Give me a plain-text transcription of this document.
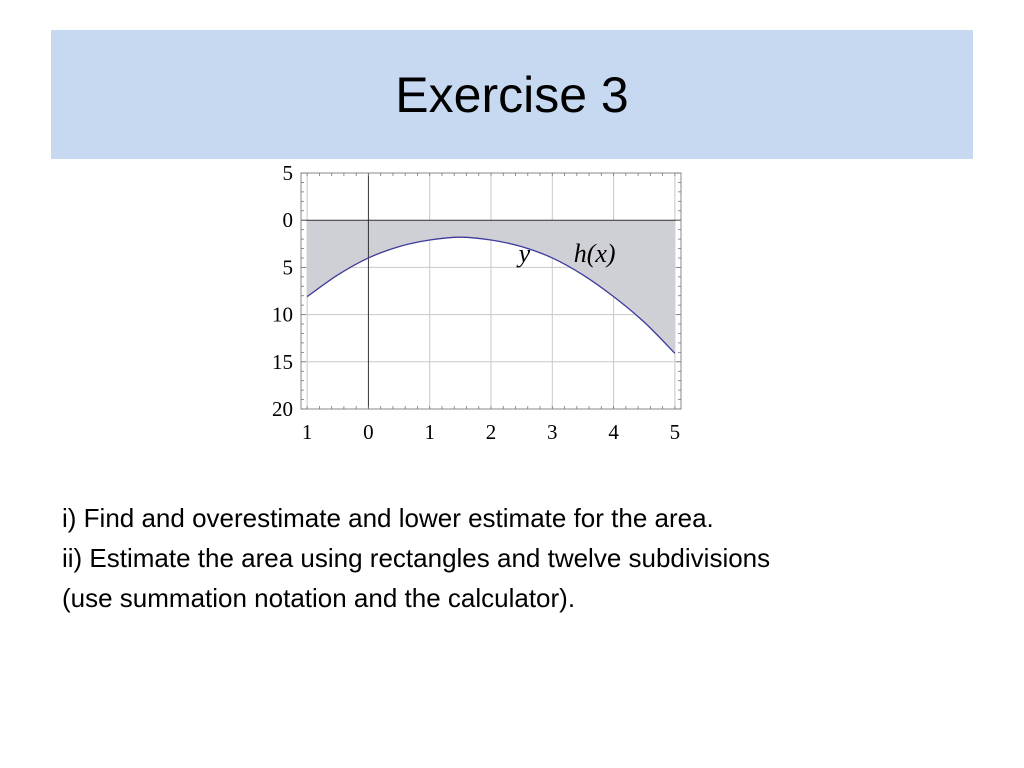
Exercise 3
1 0 1 2 3 4 5
5
0
5
10
15
20
y h(x)

i) Find and overestimate and lower estimate for the area.

ii) Estimate the area using rectangles and twelve subdivisions

(use summation notation and the calculator).
